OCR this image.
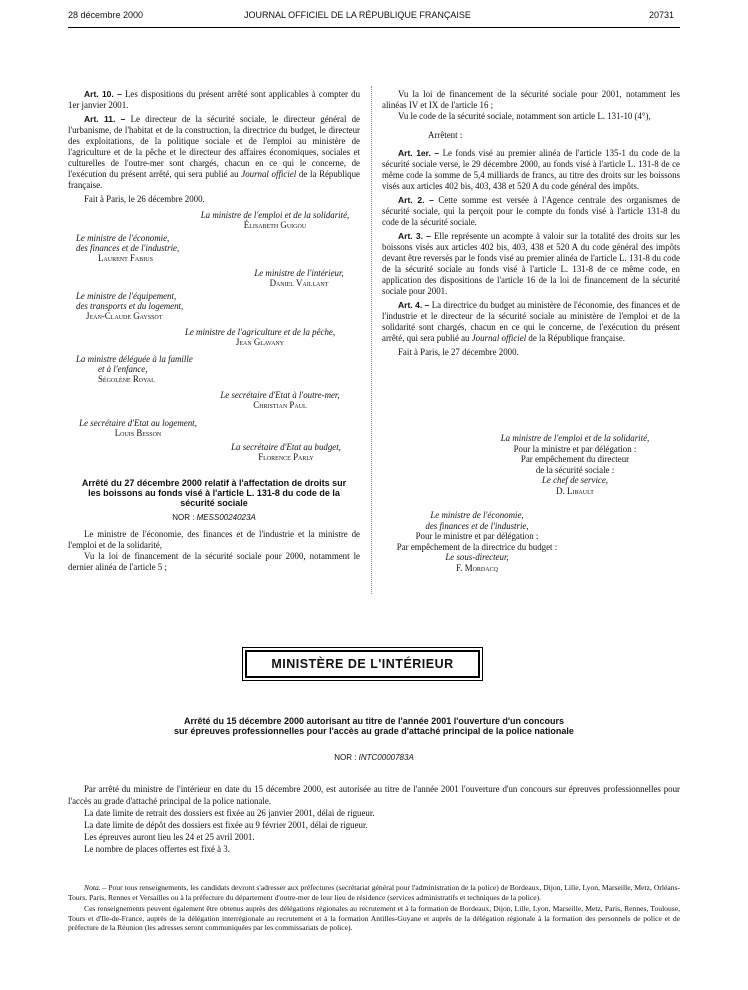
28 décembre 2000	JOURNAL OFFICIEL DE LA RÉPUBLIQUE FRANÇAISE	20731

Art. 10. – Les dispositions du présent arrêté sont applicables à compter du 1er janvier 2001.

Art. 11. – Le directeur de la sécurité sociale, le directeur général de l'urbanisme, de l'habitat et de la construction, la directrice du budget, le directeur des exploitations, de la politique sociale et de l'emploi au ministère de l'agriculture et de la pêche et le directeur des affaires économiques, sociales et culturelles de l'outre-mer sont chargés, chacun en ce qui le concerne, de l'exécution du présent arrêté, qui sera publié au Journal officiel de la République française.

Fait à Paris, le 26 décembre 2000.

La ministre de l'emploi et de la solidarité,
Élisabeth Guigou
Le ministre de l'économie,
des finances et de l'industrie,
Laurent Fabius
Le ministre de l'intérieur,
Daniel Vaillant
Le ministre de l'équipement,
des transports et du logement,
Jean-Claude Gayssot
Le ministre de l'agriculture et de la pêche,
Jean Glavany
La ministre déléguée à la famille
et à l'enfance,
Ségolène Royal
Le secrétaire d'Etat à l'outre-mer,
Christian Paul
Le secrétaire d'Etat au logement,
Louis Besson
La secrétaire d'Etat au budget,
Florence Parly

Arrêté du 27 décembre 2000 relatif à l'affectation de droits sur les boissons au fonds visé à l'article L. 131-8 du code de la sécurité sociale

NOR : MESS0024023A

Le ministre de l'économie, des finances et de l'industrie et la ministre de l'emploi et de la solidarité,

Vu la loi de financement de la sécurité sociale pour 2000, notamment le dernier alinéa de l'article 5 ;

Vu la loi de financement de la sécurité sociale pour 2001, notamment les alinéas IV et IX de l'article 16 ;

Vu le code de la sécurité sociale, notamment son article L. 131-10 (4°),

Arrêtent :

Art. 1er. – Le fonds visé au premier alinéa de l'article 135-1 du code de la sécurité sociale verse, le 29 décembre 2000, au fonds visé à l'article L. 131-8 de ce même code la somme de 5,4 milliards de francs, au titre des droits sur les boissons visés aux articles 402 bis, 403, 438 et 520 A du code général des impôts.

Art. 2. – Cette somme est versée à l'Agence centrale des organismes de sécurité sociale, qui la perçoit pour le compte du fonds visé à l'article 131-8 du code de la sécurité sociale.

Art. 3. – Elle représente un acompte à valoir sur la totalité des droits sur les boissons visés aux articles 402 bis, 403, 438 et 520 A du code général des impôts devant être reversés par le fonds visé au premier alinéa de l'article L. 131-8 du code de la sécurité sociale au fonds visé à l'article L. 131-8 de ce même code, en application des dispositions de l'article 16 de la loi de financement de la sécurité sociale pour 2001.

Art. 4. – La directrice du budget au ministère de l'économie, des finances et de l'industrie et le directeur de la sécurité sociale au ministère de l'emploi et de la solidarité sont chargés, chacun en ce qui le concerne, de l'exécution du présent arrêté, qui sera publié au Journal officiel de la République française.

Fait à Paris, le 27 décembre 2000.

La ministre de l'emploi et de la solidarité,
Pour la ministre et par délégation :
Par empêchement du directeur
de la sécurité sociale :
Le chef de service,
D. Libault
Le ministre de l'économie,
des finances et de l'industrie,
Pour le ministre et par délégation :
Par empêchement de la directrice du budget :
Le sous-directeur,
F. Mordacq
MINISTÈRE DE L'INTÉRIEUR
Arrêté du 15 décembre 2000 autorisant au titre de l'année 2001 l'ouverture d'un concours
sur épreuves professionnelles pour l'accès au grade d'attaché principal de la police nationale
NOR : INTC0000783A

Par arrêté du ministre de l'intérieur en date du 15 décembre 2000, est autorisée au titre de l'année 2001 l'ouverture d'un concours sur épreuves professionnelles pour l'accès au grade d'attaché principal de la police nationale.

La date limite de retrait des dossiers est fixée au 26 janvier 2001, délai de rigueur.

La date limite de dépôt des dossiers est fixée au 9 février 2001, délai de rigueur.

Les épreuves auront lieu les 24 et 25 avril 2001.

Le nombre de places offertes est fixé à 3.

Nota. – Pour tous renseignements, les candidats devront s'adresser aux préfectures (secrétariat général pour l'administration de la police) de Bordeaux, Dijon, Lille, Lyon, Marseille, Metz, Orléans-Tours, Paris, Rennes et Versailles ou à la préfecture du département d'outre-mer de leur lieu de résidence (services administratifs et techniques de la police).

Ces renseignements peuvent également être obtenus auprès des délégations régionales au recrutement et à la formation de Bordeaux, Dijon, Lille, Lyon, Marseille, Metz, Paris, Rennes, Toulouse, Tours et d'Ile-de-France, auprès de la délégation interrégionale au recrutement et à la formation Antilles-Guyane et auprès de la délégation régionale à la formation des personnels de police et de préfecture de la Réunion (les adresses seront communiquées par les commissariats de police).
